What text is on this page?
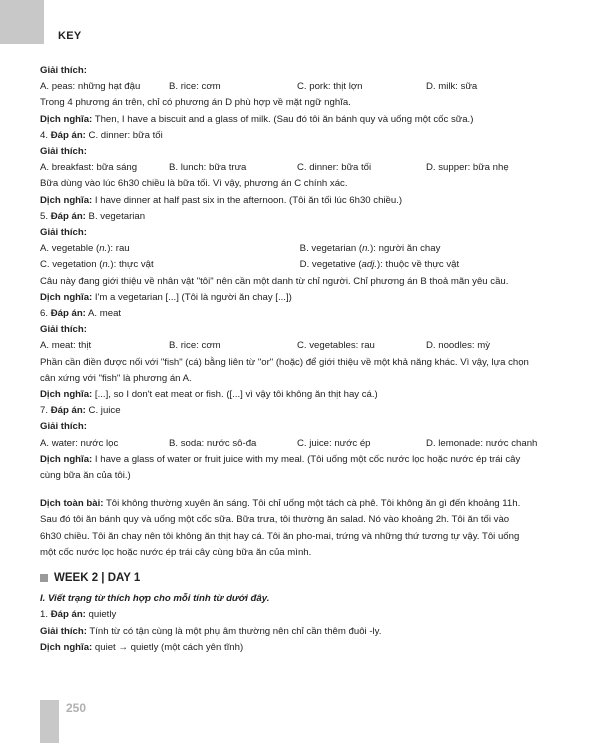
KEY
Giải thích:
A. peas: những hạt đậu	B. rice: cơm	C. pork: thịt lợn	D. milk: sữa
Trong 4 phương án trên, chỉ có phương án D phù hợp về mặt ngữ nghĩa.
Dịch nghĩa: Then, I have a biscuit and a glass of milk. (Sau đó tôi ăn bánh quy và uống một cốc sữa.)
4. Đáp án: C. dinner: bữa tối
Giải thích:
A. breakfast: bữa sáng	B. lunch: bữa trưa	C. dinner: bữa tối	D. supper: bữa nhẹ
Bữa dùng vào lúc 6h30 chiều là bữa tối. Vì vậy, phương án C chính xác.
Dịch nghĩa: I have dinner at half past six in the afternoon. (Tôi ăn tối lúc 6h30 chiều.)
5. Đáp án: B. vegetarian
Giải thích:
A. vegetable (n.): rau	B. vegetarian (n.): người ăn chay
C. vegetation (n.): thực vật	D. vegetative (adj.): thuộc về thực vật
Câu này đang giới thiệu về nhân vật "tôi" nên cần một danh từ chỉ người. Chỉ phương án B thoả mãn yêu cầu.
Dịch nghĩa: I'm a vegetarian [...] (Tôi là người ăn chay [...])
6. Đáp án: A. meat
Giải thích:
A. meat: thịt	B. rice: cơm	C. vegetables: rau	D. noodles: mỳ
Phần cần điền được nối với "fish" (cá) bằng liên từ "or" (hoặc) để giới thiệu về một khả năng khác. Vì vậy, lựa chọn
cân xứng với "fish" là phương án A.
Dịch nghĩa: [...], so I don't eat meat or fish. ([...] vì vậy tôi không ăn thịt hay cá.)
7. Đáp án: C. juice
Giải thích:
A. water: nước lọc	B. soda: nước sô-đa	C. juice: nước ép	D. lemonade: nước chanh
Dịch nghĩa: I have a glass of water or fruit juice with my meal. (Tôi uống một cốc nước lọc hoặc nước ép trái cây
cùng bữa ăn của tôi.)
Dịch toàn bài: Tôi không thường xuyên ăn sáng. Tôi chỉ uống một tách cà phê. Tôi không ăn gì đến khoảng 11h.
Sau đó tôi ăn bánh quy và uống một cốc sữa. Bữa trưa, tôi thường ăn salad. Nó vào khoảng 2h. Tôi ăn tối vào
6h30 chiều. Tôi ăn chay nên tôi không ăn thịt hay cá. Tôi ăn pho-mai, trứng và những thứ tương tự vậy. Tôi uống
một cốc nước lọc hoặc nước ép trái cây cùng bữa ăn của mình.
WEEK 2 | DAY 1
I. Viết trạng từ thích hợp cho mỗi tính từ dưới đây.
1. Đáp án: quietly
Giải thích: Tính từ có tận cùng là một phụ âm thường nên chỉ cần thêm đuôi -ly.
Dịch nghĩa: quiet → quietly (một cách yên tĩnh)
250
